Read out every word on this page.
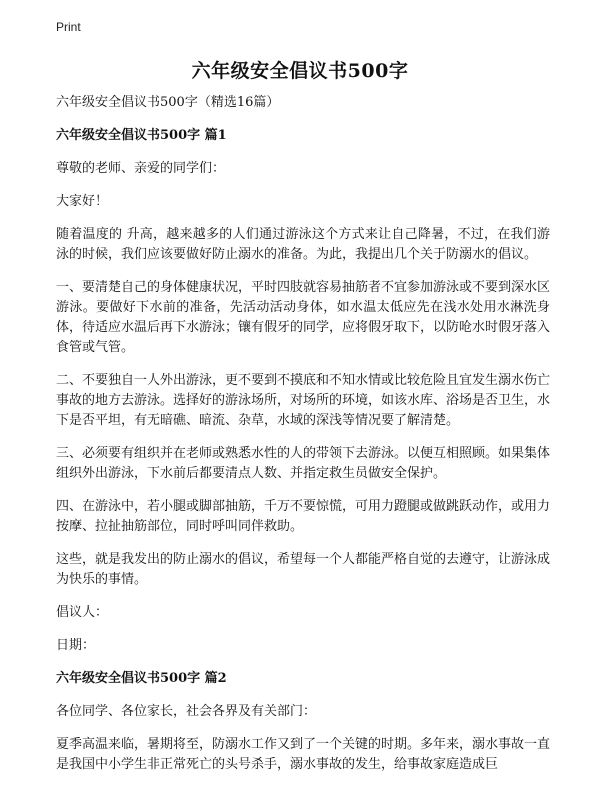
Print
六年级安全倡议书500字

六年级安全倡议书500字（精选16篇）

六年级安全倡议书500字 篇1

尊敬的老师、亲爱的同学们：

大家好！

随着温度的 升高，越来越多的人们通过游泳这个方式来让自己降暑，不过，在我们游泳的时候，我们应该要做好防止溺水的准备。为此，我提出几个关于防溺水的倡议。

一、要清楚自己的身体健康状况，平时四肢就容易抽筋者不宜参加游泳或不要到深水区游泳。要做好下水前的准备，先活动活动身体，如水温太低应先在浅水处用水淋洗身体，待适应水温后再下水游泳；镶有假牙的同学，应将假牙取下，以防呛水时假牙落入食管或气管。

二、不要独自一人外出游泳，更不要到不摸底和不知水情或比较危险且宜发生溺水伤亡事故的地方去游泳。选择好的游泳场所，对场所的环境，如该水库、浴场是否卫生，水下是否平坦，有无暗礁、暗流、杂草，水域的深浅等情况要了解清楚。

三、必须要有组织并在老师或熟悉水性的人的带领下去游泳。以便互相照顾。如果集体组织外出游泳，下水前后都要清点人数、并指定救生员做安全保护。

四、在游泳中，若小腿或脚部抽筋，千万不要惊慌，可用力蹬腿或做跳跃动作，或用力按摩、拉扯抽筋部位，同时呼叫同伴救助。

这些，就是我发出的防止溺水的倡议，希望每一个人都能严格自觉的去遵守，让游泳成为快乐的事情。

倡议人：

日期：

六年级安全倡议书500字 篇2

各位同学、各位家长，社会各界及有关部门：

夏季高温来临，暑期将至，防溺水工作又到了一个关键的时期。多年来，溺水事故一直是我国中小学生非正常死亡的头号杀手，溺水事故的发生，给事故家庭造成巨
